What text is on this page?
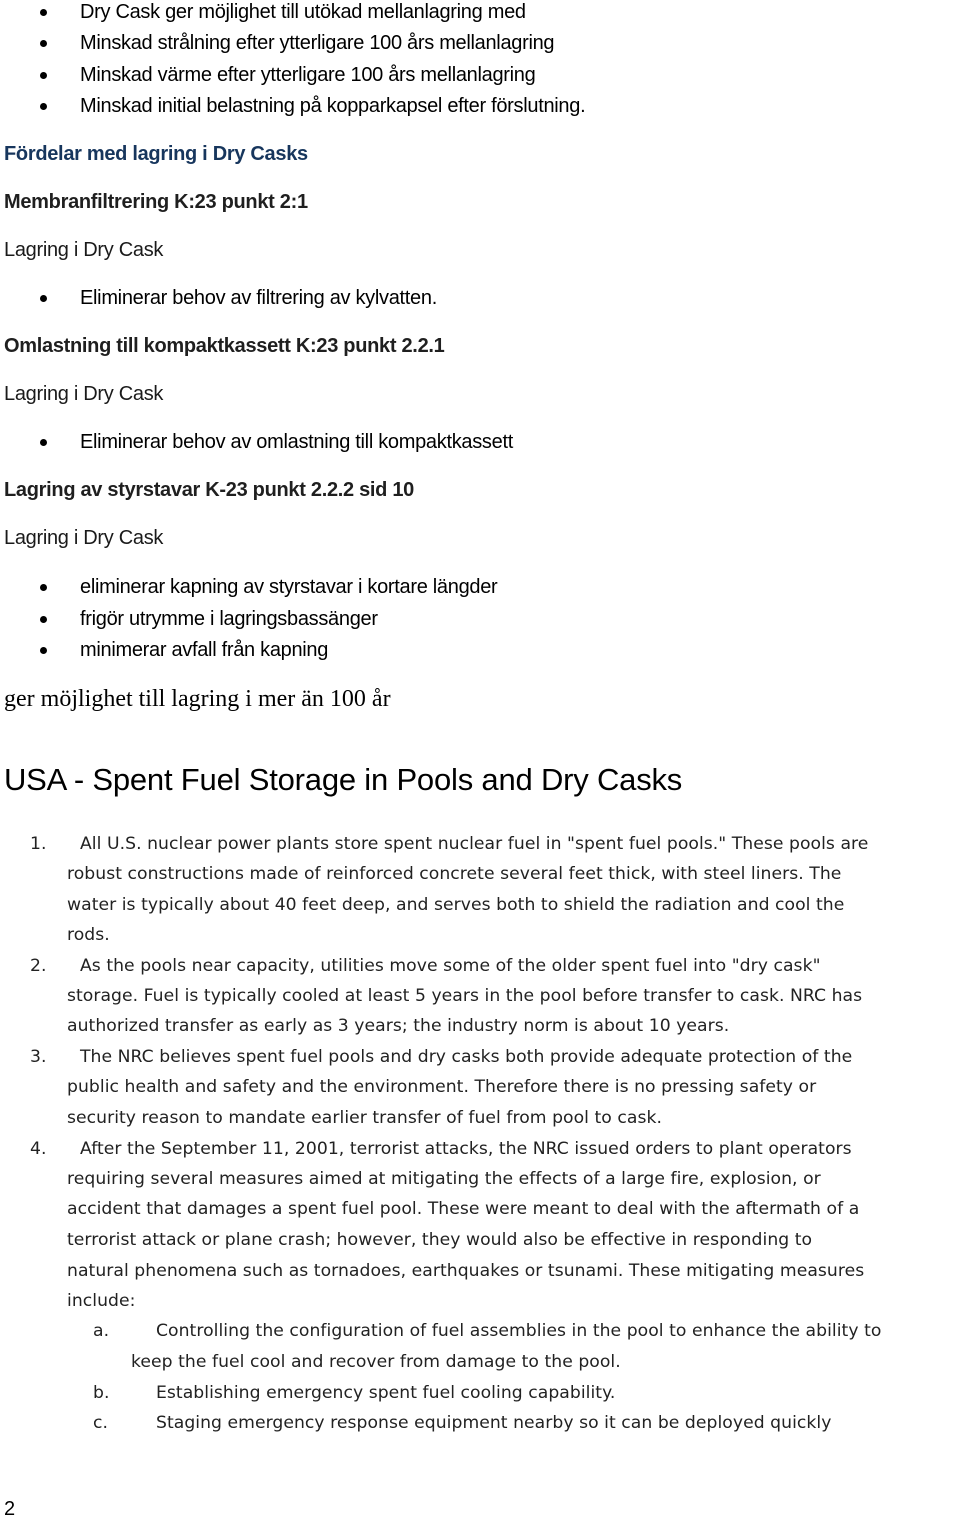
Dry Cask ger möjlighet till utökad mellanlagring med
Minskad strålning efter ytterligare 100 års mellanlagring
Minskad värme efter ytterligare 100 års mellanlagring
Minskad initial belastning på kopparkapsel efter förslutning.
Fördelar med lagring i Dry Casks
Membranfiltrering K:23 punkt 2:1
Lagring i Dry Cask
Eliminerar behov av filtrering av kylvatten.
Omlastning till kompaktkassett K:23 punkt 2.2.1
Lagring i Dry Cask
Eliminerar behov av omlastning till kompaktkassett
Lagring av styrstavar K-23 punkt 2.2.2 sid 10
Lagring i Dry Cask
eliminerar kapning av styrstavar i kortare längder
frigör utrymme i lagringsbassänger
minimerar avfall från kapning
ger möjlighet till lagring i mer än 100 år
USA - Spent Fuel Storage in Pools and Dry Casks
1. All U.S. nuclear power plants store spent nuclear fuel in "spent fuel pools." These pools are
robust constructions made of reinforced concrete several feet thick, with steel liners. The
water is typically about 40 feet deep, and serves both to shield the radiation and cool the
rods.
2. As the pools near capacity, utilities move some of the older spent fuel into "dry cask"
storage. Fuel is typically cooled at least 5 years in the pool before transfer to cask. NRC has
authorized transfer as early as 3 years; the industry norm is about 10 years.
3. The NRC believes spent fuel pools and dry casks both provide adequate protection of the
public health and safety and the environment. Therefore there is no pressing safety or
security reason to mandate earlier transfer of fuel from pool to cask.
4. After the September 11, 2001, terrorist attacks, the NRC issued orders to plant operators
requiring several measures aimed at mitigating the effects of a large fire, explosion, or
accident that damages a spent fuel pool. These were meant to deal with the aftermath of a
terrorist attack or plane crash; however, they would also be effective in responding to
natural phenomena such as tornadoes, earthquakes or tsunami. These mitigating measures
include:
a.	Controlling the configuration of fuel assemblies in the pool to enhance the ability to
keep the fuel cool and recover from damage to the pool.
b.	Establishing emergency spent fuel cooling capability.
c.	Staging emergency response equipment nearby so it can be deployed quickly
2
